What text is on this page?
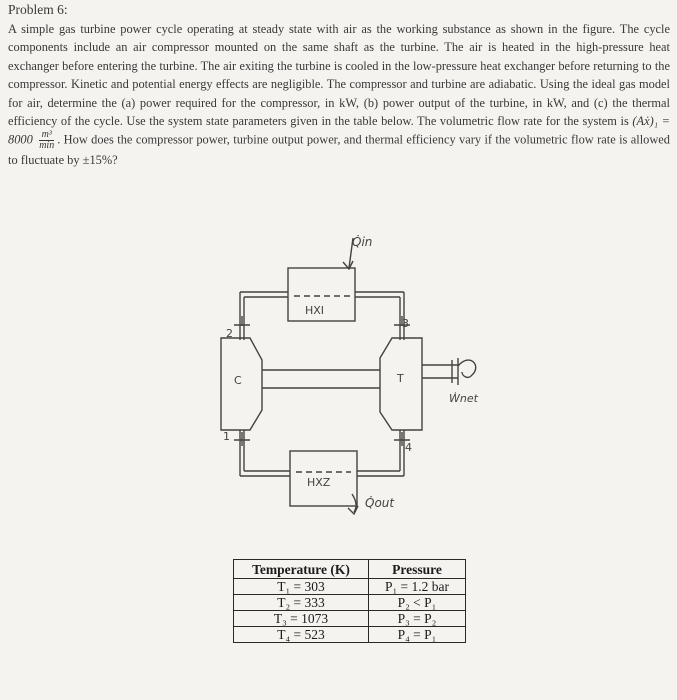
Problem 6:
A simple gas turbine power cycle operating at steady state with air as the working substance as shown in the figure. The cycle components include an air compressor mounted on the same shaft as the turbine. The air is heated in the high-pressure heat exchanger before entering the turbine. The air exiting the turbine is cooled in the low-pressure heat exchanger before returning to the compressor. Kinetic and potential energy effects are negligible. The compressor and turbine are adiabatic. Using the ideal gas model for air, determine the (a) power required for the compressor, in kW, (b) power output of the turbine, in kW, and (c) the thermal efficiency of the cycle. Use the system state parameters given in the table below. The volumetric flow rate for the system is (Aẋ)₁ = $8000 \frac{\text{m³}}{\min}$ . How does the compressor power, turbine output power, and thermal efficiency vary if the volumetric flow rate is allowed to fluctuate by ±15%?
Q̇in
HXI
2
3
C	T
Ẇnet
1
4
HXZ
Q̇out
Temperature (K)	Pressure
T₁ = 303	P₁ = 1.2 bar
T₂ = 333	P₂ < P₁
T₃ = 1073	P₃ = P₂
T₄ = 523	P₄ = P₁
